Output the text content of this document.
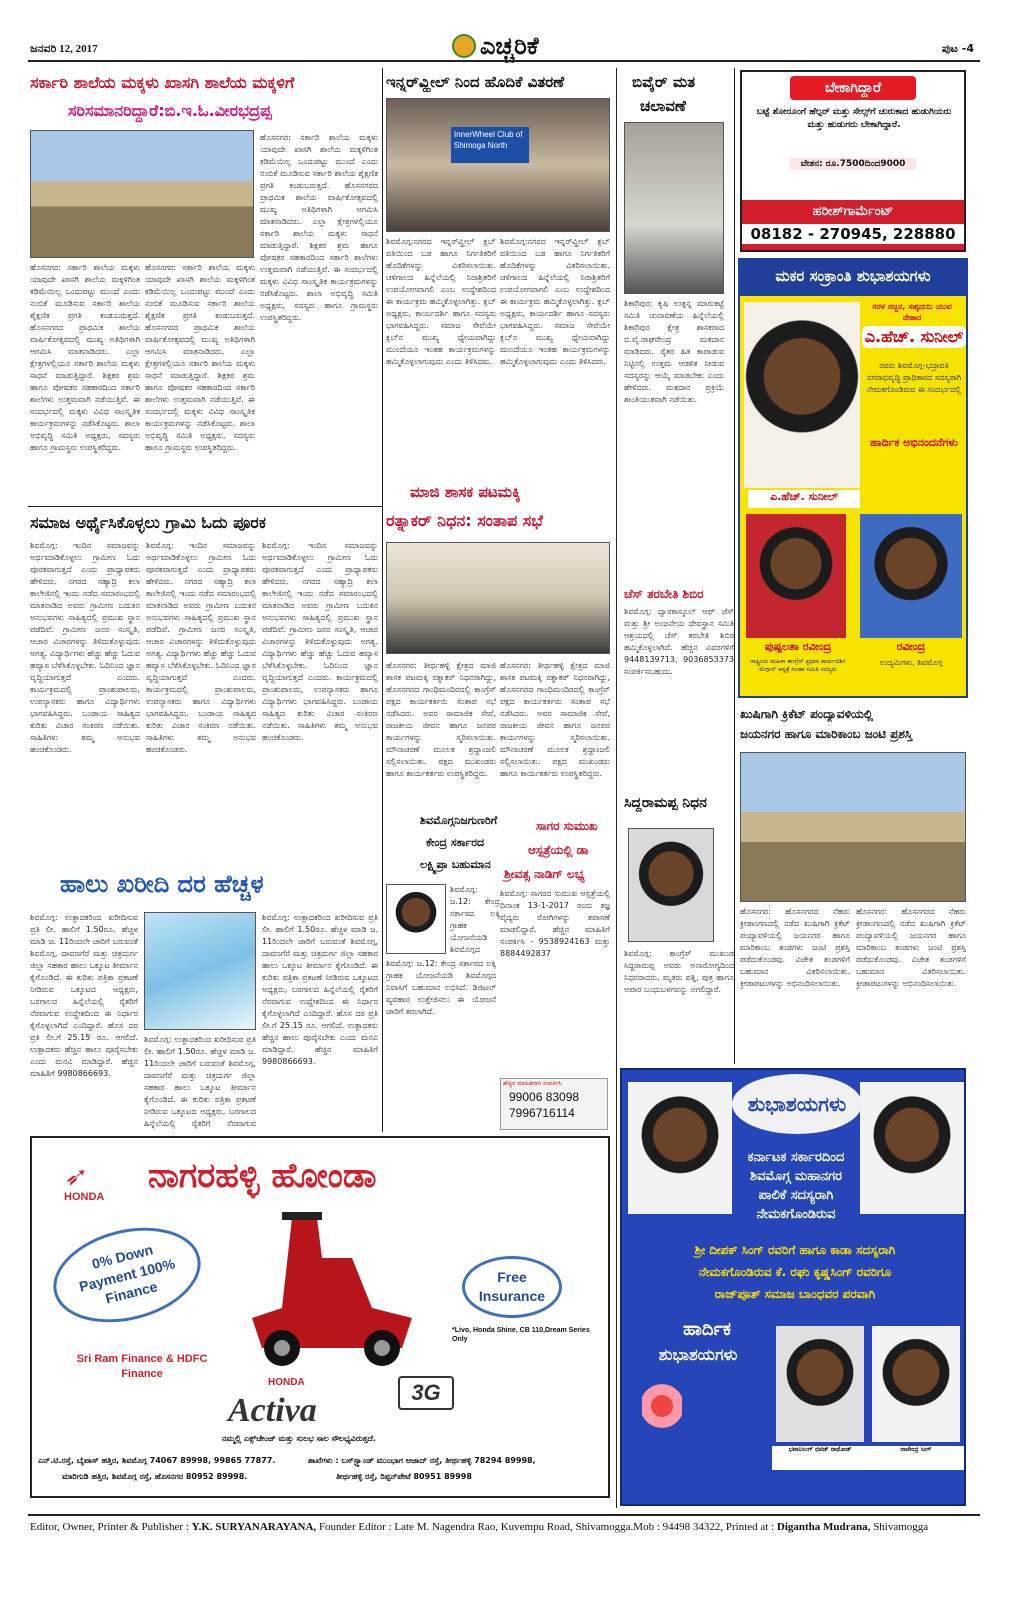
ಜನವರಿ 12, 2017	ಎಚ್ಚರಿಕೆ	ಪುಟ -4
ಸರ್ಕಾರಿ ಶಾಲೆಯ ಮಕ್ಕಳು ಖಾಸಗಿ ಶಾಲೆಯ ಮಕ್ಕಳಿಗೆ
ಸರಿಸಮಾನರಿದ್ದಾರೆ:ಬಿ.ಇ.ಓ.ವೀರಭದ್ರಪ್ಪ
ಹೊಸನಗರ: ಸರ್ಕಾರಿ ಶಾಲೆಯ ಮಕ್ಕಳು ಯಾವುದೇ ಖಾಸಗಿ ಶಾಲೆಯ ಮಕ್ಕಳಿಗಿಂತ ಕಡಿಮೆಯಿಲ್ಲ ಒಂದುಪಟ್ಟು ಮುಂದೆ ಎಂದು ನಂಬಿಕೆ ಮೂಡಿಸುವ ಸರ್ಕಾರಿ ಶಾಲೆಯ ಶೈಕ್ಷಣಿಕ ಪ್ರಗತಿ ಕಂಡುಬರುತ್ತದೆ. ಹೊಸನಗರದ ಪ್ರಾಥಮಿಕ ಶಾಲೆಯ ವಾರ್ಷಿಕೋತ್ಸವದಲ್ಲಿ ಮುಖ್ಯ ಅತಿಥಿಗಳಾಗಿ ಆಗಮಿಸಿ ಮಾತನಾಡಿದರು. ಎಲ್ಲಾ ಕ್ಷೇತ್ರಗಳಲ್ಲಿಯೂ ಸರ್ಕಾರಿ ಶಾಲೆಯ ಮಕ್ಕಳು ಸಾಧನೆ ಮಾಡುತ್ತಿದ್ದಾರೆ. ಶಿಕ್ಷಕರ ಶ್ರಮ ಹಾಗೂ ಪೋಷಕರ ಸಹಕಾರದಿಂದ ಸರ್ಕಾರಿ ಶಾಲೆಗಳು ಉತ್ತಮವಾಗಿ ನಡೆಯುತ್ತಿವೆ. ಈ ಸಂದರ್ಭದಲ್ಲಿ ಮಕ್ಕಳು ವಿವಿಧ ಸಾಂಸ್ಕೃತಿಕ ಕಾರ್ಯಕ್ರಮಗಳನ್ನು ನಡೆಸಿಕೊಟ್ಟರು. ಶಾಲಾ ಅಭಿವೃದ್ಧಿ ಸಮಿತಿ ಅಧ್ಯಕ್ಷರು, ಸದಸ್ಯರು ಹಾಗೂ ಗ್ರಾಮಸ್ಥರು ಉಪಸ್ಥಿತರಿದ್ದರು.
ಹೊಸನಗರ: ಸರ್ಕಾರಿ ಶಾಲೆಯ ಮಕ್ಕಳು ಯಾವುದೇ ಖಾಸಗಿ ಶಾಲೆಯ ಮಕ್ಕಳಿಗಿಂತ ಕಡಿಮೆಯಿಲ್ಲ ಒಂದುಪಟ್ಟು ಮುಂದೆ ಎಂದು ನಂಬಿಕೆ ಮೂಡಿಸುವ ಸರ್ಕಾರಿ ಶಾಲೆಯ ಶೈಕ್ಷಣಿಕ ಪ್ರಗತಿ ಕಂಡುಬರುತ್ತದೆ. ಹೊಸನಗರದ ಪ್ರಾಥಮಿಕ ಶಾಲೆಯ ವಾರ್ಷಿಕೋತ್ಸವದಲ್ಲಿ ಮುಖ್ಯ ಅತಿಥಿಗಳಾಗಿ ಆಗಮಿಸಿ ಮಾತನಾಡಿದರು. ಎಲ್ಲಾ ಕ್ಷೇತ್ರಗಳಲ್ಲಿಯೂ ಸರ್ಕಾರಿ ಶಾಲೆಯ ಮಕ್ಕಳು ಸಾಧನೆ ಮಾಡುತ್ತಿದ್ದಾರೆ. ಶಿಕ್ಷಕರ ಶ್ರಮ ಹಾಗೂ ಪೋಷಕರ ಸಹಕಾರದಿಂದ ಸರ್ಕಾರಿ ಶಾಲೆಗಳು ಉತ್ತಮವಾಗಿ ನಡೆಯುತ್ತಿವೆ. ಈ ಸಂದರ್ಭದಲ್ಲಿ ಮಕ್ಕಳು ವಿವಿಧ ಸಾಂಸ್ಕೃತಿಕ ಕಾರ್ಯಕ್ರಮಗಳನ್ನು ನಡೆಸಿಕೊಟ್ಟರು. ಶಾಲಾ ಅಭಿವೃದ್ಧಿ ಸಮಿತಿ ಅಧ್ಯಕ್ಷರು, ಸದಸ್ಯರು ಹಾಗೂ ಗ್ರಾಮಸ್ಥರು ಉಪಸ್ಥಿತರಿದ್ದರು.
ಹೊಸನಗರ: ಸರ್ಕಾರಿ ಶಾಲೆಯ ಮಕ್ಕಳು ಯಾವುದೇ ಖಾಸಗಿ ಶಾಲೆಯ ಮಕ್ಕಳಿಗಿಂತ ಕಡಿಮೆಯಿಲ್ಲ ಒಂದುಪಟ್ಟು ಮುಂದೆ ಎಂದು ನಂಬಿಕೆ ಮೂಡಿಸುವ ಸರ್ಕಾರಿ ಶಾಲೆಯ ಶೈಕ್ಷಣಿಕ ಪ್ರಗತಿ ಕಂಡುಬರುತ್ತದೆ. ಹೊಸನಗರದ ಪ್ರಾಥಮಿಕ ಶಾಲೆಯ ವಾರ್ಷಿಕೋತ್ಸವದಲ್ಲಿ ಮುಖ್ಯ ಅತಿಥಿಗಳಾಗಿ ಆಗಮಿಸಿ ಮಾತನಾಡಿದರು. ಎಲ್ಲಾ ಕ್ಷೇತ್ರಗಳಲ್ಲಿಯೂ ಸರ್ಕಾರಿ ಶಾಲೆಯ ಮಕ್ಕಳು ಸಾಧನೆ ಮಾಡುತ್ತಿದ್ದಾರೆ. ಶಿಕ್ಷಕರ ಶ್ರಮ ಹಾಗೂ ಪೋಷಕರ ಸಹಕಾರದಿಂದ ಸರ್ಕಾರಿ ಶಾಲೆಗಳು ಉತ್ತಮವಾಗಿ ನಡೆಯುತ್ತಿವೆ. ಈ ಸಂದರ್ಭದಲ್ಲಿ ಮಕ್ಕಳು ವಿವಿಧ ಸಾಂಸ್ಕೃತಿಕ ಕಾರ್ಯಕ್ರಮಗಳನ್ನು ನಡೆಸಿಕೊಟ್ಟರು. ಶಾಲಾ ಅಭಿವೃದ್ಧಿ ಸಮಿತಿ ಅಧ್ಯಕ್ಷರು, ಸದಸ್ಯರು ಹಾಗೂ ಗ್ರಾಮಸ್ಥರು ಉಪಸ್ಥಿತರಿದ್ದರು.
ಇನ್ನರ್‌ವ್ಹೀಲ್ ನಿಂದ ಹೊದಿಕೆ ವಿತರಣೆ
InnerWheel Club of Shimoga North
ಶಿವಮೊಗ್ಗ:ನಗರದ ಇನ್ನರ್‌ವ್ಹೀಲ್ ಕ್ಲಬ್ ವತಿಯಿಂದ ಬಡ ಹಾಗೂ ನಿರ್ಗತಿಕರಿಗೆ ಹೊದಿಕೆಗಳನ್ನು ವಿತರಿಸಲಾಯಿತು. ಚಳಿಗಾಲದ ಹಿನ್ನೆಲೆಯಲ್ಲಿ ನಿರಾಶ್ರಿತರಿಗೆ ಉಪಯೋಗವಾಗಲಿ ಎಂಬ ಉದ್ದೇಶದಿಂದ ಈ ಕಾರ್ಯಕ್ರಮ ಹಮ್ಮಿಕೊಳ್ಳಲಾಗಿತ್ತು. ಕ್ಲಬ್ ಅಧ್ಯಕ್ಷರು, ಕಾರ್ಯದರ್ಶಿ ಹಾಗೂ ಸದಸ್ಯರು ಭಾಗವಹಿಸಿದ್ದರು. ಸಮಾಜ ಸೇವೆಯೇ ಕ್ಲಬ್‌ನ ಮುಖ್ಯ ಧ್ಯೇಯವಾಗಿದ್ದು ಮುಂದೆಯೂ ಇಂತಹ ಕಾರ್ಯಕ್ರಮಗಳನ್ನು ಹಮ್ಮಿಕೊಳ್ಳಲಾಗುವುದು ಎಂದು ತಿಳಿಸಿದರು.
ಶಿವಮೊಗ್ಗ:ನಗರದ ಇನ್ನರ್‌ವ್ಹೀಲ್ ಕ್ಲಬ್ ವತಿಯಿಂದ ಬಡ ಹಾಗೂ ನಿರ್ಗತಿಕರಿಗೆ ಹೊದಿಕೆಗಳನ್ನು ವಿತರಿಸಲಾಯಿತು. ಚಳಿಗಾಲದ ಹಿನ್ನೆಲೆಯಲ್ಲಿ ನಿರಾಶ್ರಿತರಿಗೆ ಉಪಯೋಗವಾಗಲಿ ಎಂಬ ಉದ್ದೇಶದಿಂದ ಈ ಕಾರ್ಯಕ್ರಮ ಹಮ್ಮಿಕೊಳ್ಳಲಾಗಿತ್ತು. ಕ್ಲಬ್ ಅಧ್ಯಕ್ಷರು, ಕಾರ್ಯದರ್ಶಿ ಹಾಗೂ ಸದಸ್ಯರು ಭಾಗವಹಿಸಿದ್ದರು. ಸಮಾಜ ಸೇವೆಯೇ ಕ್ಲಬ್‌ನ ಮುಖ್ಯ ಧ್ಯೇಯವಾಗಿದ್ದು ಮುಂದೆಯೂ ಇಂತಹ ಕಾರ್ಯಕ್ರಮಗಳನ್ನು ಹಮ್ಮಿಕೊಳ್ಳಲಾಗುವುದು ಎಂದು ತಿಳಿಸಿದರು.
ಬಿವೈರ್ ಮತ
ಚಲಾವಣೆ
ಶಿಕಾರಿಪುರ: ಕೃಷಿ ಉತ್ಪನ್ನ ಮಾರುಕಟ್ಟೆ ಸಮಿತಿ ಚುನಾವಣೆಯ ಹಿನ್ನೆಲೆಯಲ್ಲಿ ಶಿಕಾರಿಪುರ ಕ್ಷೇತ್ರ ಶಾಸಕರಾದ ಬಿ.ವೈ.ರಾಘವೇಂದ್ರ ಮತದಾನ ಮಾಡಿದರು. ರೈತರ ಹಿತ ಕಾಪಾಡುವ ನಿಟ್ಟಿನಲ್ಲಿ ಉತ್ತಮ ಆಡಳಿತ ನೀಡುವ ಸದಸ್ಯರನ್ನು ಆಯ್ಕೆ ಮಾಡಬೇಕು ಎಂದು ಹೇಳಿದರು. ಮತದಾನ ಪ್ರಕ್ರಿಯೆ ಶಾಂತಿಯುತವಾಗಿ ನಡೆಯಿತು.
ಬೇಕಾಗಿದ್ದಾರೆ
ಬಟ್ಟೆ ಶೋರೂಂಗೆ ಹೆಲ್ಪರ್ ಮತ್ತು ಸೇಲ್ಸ್‌ಗೆ ಚುರುಕಾದ ಹುಡುಗಿಯರು ಮತ್ತು ಹುಡುಗರು ಬೇಕಾಗಿದ್ದಾರೆ.
ವೇತನ: ರೂ.7500ದಿಂದ9000
ಹರೀಶ್‌ಗಾರ್ಮೆಂಟ್
08182 - 270945, 228880
ಮಕರ ಸಂಕ್ರಾಂತಿ ಶುಭಾಶಯಗಳು
ಸರಳ ಸಜ್ಜನ, ಸಹೃದಯಿ ಯುವ ನೇತಾರ
ಎ.ಹೆಚ್. ಸುನೀಲ್
ರವರು ಶಿವಮೊಗ್ಗ-ಭದ್ರಾವತಿ ನಗರಾಭಿವೃದ್ಧಿ ಪ್ರಾಧಿಕಾರದ ಸದಸ್ಯರಾಗಿ ನೇಮಕಗೊಂಡಿರುವ ಈ ಸಂದರ್ಭದಲ್ಲಿ
ಹಾರ್ದಿಕ ಅಭಿನಂದನೆಗಳು
ಎ.ಹೆಚ್. ಸುನೀಲ್
ಪುಷ್ಪಲತಾ ರವೀಂದ್ರ
ರಾಷ್ಟ್ರೀಯ ಮಹಿಳಾ ಕಾಂಗ್ರೆಸ್ ಪ್ರಧಾನ ಕಾರ್ಯದರ್ಶಿ ಮೆಗ್ಗಾನ್ ಆಸ್ಪತ್ರೆ ಸಲಹಾ ಸಮಿತಿ ಸದಸ್ಯರು
ರವೀಂದ್ರ
ಉದ್ಯಮಿಗಳು, ಶಿವಮೊಗ್ಗ
ಸಮಾಜ ಅರ್ಥೈಸಿಕೊಳ್ಳಲು ಗ್ರಾಮಿ ಓದು ಪೂರಕ
ಶಿವಮೊಗ್ಗ: ಇಂದಿನ ಸಮಾಜವನ್ನು ಅರ್ಥಮಾಡಿಕೊಳ್ಳಲು ಗ್ರಾಮೀಣ ಓದು ಪೂರಕವಾಗುತ್ತದೆ ಎಂದು ಪ್ರಾಧ್ಯಾಪಕರು ಹೇಳಿದರು. ನಗರದ ಸಹ್ಯಾದ್ರಿ ಕಲಾ ಕಾಲೇಜಿನಲ್ಲಿ ಇಂದು ನಡೆದ ಸಮಾರಂಭದಲ್ಲಿ ಮಾತನಾಡಿದ ಅವರು ಗ್ರಾಮೀಣ ಬದುಕಿನ ಅನುಭವಗಳು ಸಾಹಿತ್ಯದಲ್ಲಿ ಪ್ರಮುಖ ಸ್ಥಾನ ಪಡೆದಿವೆ. ಗ್ರಾಮೀಣ ಜನರ ಸಂಸ್ಕೃತಿ, ಆಚಾರ ವಿಚಾರಗಳನ್ನು ತಿಳಿದುಕೊಳ್ಳುವುದು ಅಗತ್ಯ. ವಿದ್ಯಾರ್ಥಿಗಳು ಹೆಚ್ಚು ಹೆಚ್ಚು ಓದುವ ಹವ್ಯಾಸ ಬೆಳೆಸಿಕೊಳ್ಳಬೇಕು. ಓದಿನಿಂದ ಜ್ಞಾನ ವೃದ್ಧಿಯಾಗುತ್ತದೆ ಎಂದರು. ಕಾರ್ಯಕ್ರಮದಲ್ಲಿ ಪ್ರಾಂಶುಪಾಲರು, ಉಪನ್ಯಾಸಕರು ಹಾಗೂ ವಿದ್ಯಾರ್ಥಿಗಳು ಭಾಗವಹಿಸಿದ್ದರು. ಬಂಡಾಯ ಸಾಹಿತ್ಯದ ಕುರಿತು ವಿಚಾರ ಸಂಕಿರಣ ನಡೆಯಿತು. ಸಾಹಿತಿಗಳು ತಮ್ಮ ಅನುಭವ ಹಂಚಿಕೊಂಡರು.
ಶಿವಮೊಗ್ಗ: ಇಂದಿನ ಸಮಾಜವನ್ನು ಅರ್ಥಮಾಡಿಕೊಳ್ಳಲು ಗ್ರಾಮೀಣ ಓದು ಪೂರಕವಾಗುತ್ತದೆ ಎಂದು ಪ್ರಾಧ್ಯಾಪಕರು ಹೇಳಿದರು. ನಗರದ ಸಹ್ಯಾದ್ರಿ ಕಲಾ ಕಾಲೇಜಿನಲ್ಲಿ ಇಂದು ನಡೆದ ಸಮಾರಂಭದಲ್ಲಿ ಮಾತನಾಡಿದ ಅವರು ಗ್ರಾಮೀಣ ಬದುಕಿನ ಅನುಭವಗಳು ಸಾಹಿತ್ಯದಲ್ಲಿ ಪ್ರಮುಖ ಸ್ಥಾನ ಪಡೆದಿವೆ. ಗ್ರಾಮೀಣ ಜನರ ಸಂಸ್ಕೃತಿ, ಆಚಾರ ವಿಚಾರಗಳನ್ನು ತಿಳಿದುಕೊಳ್ಳುವುದು ಅಗತ್ಯ. ವಿದ್ಯಾರ್ಥಿಗಳು ಹೆಚ್ಚು ಹೆಚ್ಚು ಓದುವ ಹವ್ಯಾಸ ಬೆಳೆಸಿಕೊಳ್ಳಬೇಕು. ಓದಿನಿಂದ ಜ್ಞಾನ ವೃದ್ಧಿಯಾಗುತ್ತದೆ ಎಂದರು. ಕಾರ್ಯಕ್ರಮದಲ್ಲಿ ಪ್ರಾಂಶುಪಾಲರು, ಉಪನ್ಯಾಸಕರು ಹಾಗೂ ವಿದ್ಯಾರ್ಥಿಗಳು ಭಾಗವಹಿಸಿದ್ದರು. ಬಂಡಾಯ ಸಾಹಿತ್ಯದ ಕುರಿತು ವಿಚಾರ ಸಂಕಿರಣ ನಡೆಯಿತು. ಸಾಹಿತಿಗಳು ತಮ್ಮ ಅನುಭವ ಹಂಚಿಕೊಂಡರು.
ಶಿವಮೊಗ್ಗ: ಇಂದಿನ ಸಮಾಜವನ್ನು ಅರ್ಥಮಾಡಿಕೊಳ್ಳಲು ಗ್ರಾಮೀಣ ಓದು ಪೂರಕವಾಗುತ್ತದೆ ಎಂದು ಪ್ರಾಧ್ಯಾಪಕರು ಹೇಳಿದರು. ನಗರದ ಸಹ್ಯಾದ್ರಿ ಕಲಾ ಕಾಲೇಜಿನಲ್ಲಿ ಇಂದು ನಡೆದ ಸಮಾರಂಭದಲ್ಲಿ ಮಾತನಾಡಿದ ಅವರು ಗ್ರಾಮೀಣ ಬದುಕಿನ ಅನುಭವಗಳು ಸಾಹಿತ್ಯದಲ್ಲಿ ಪ್ರಮುಖ ಸ್ಥಾನ ಪಡೆದಿವೆ. ಗ್ರಾಮೀಣ ಜನರ ಸಂಸ್ಕೃತಿ, ಆಚಾರ ವಿಚಾರಗಳನ್ನು ತಿಳಿದುಕೊಳ್ಳುವುದು ಅಗತ್ಯ. ವಿದ್ಯಾರ್ಥಿಗಳು ಹೆಚ್ಚು ಹೆಚ್ಚು ಓದುವ ಹವ್ಯಾಸ ಬೆಳೆಸಿಕೊಳ್ಳಬೇಕು. ಓದಿನಿಂದ ಜ್ಞಾನ ವೃದ್ಧಿಯಾಗುತ್ತದೆ ಎಂದರು. ಕಾರ್ಯಕ್ರಮದಲ್ಲಿ ಪ್ರಾಂಶುಪಾಲರು, ಉಪನ್ಯಾಸಕರು ಹಾಗೂ ವಿದ್ಯಾರ್ಥಿಗಳು ಭಾಗವಹಿಸಿದ್ದರು. ಬಂಡಾಯ ಸಾಹಿತ್ಯದ ಕುರಿತು ವಿಚಾರ ಸಂಕಿರಣ ನಡೆಯಿತು. ಸಾಹಿತಿಗಳು ತಮ್ಮ ಅನುಭವ ಹಂಚಿಕೊಂಡರು.
ಮಾಜಿ ಶಾಸಕ ಪಟಮಕ್ಕಿ
ರತ್ನಾಕರ್ ನಿಧನ: ಸಂತಾಪ ಸಭೆ
ಹೊಸನಗರ: ತೀರ್ಥಹಳ್ಳಿ ಕ್ಷೇತ್ರದ ಮಾಜಿ ಶಾಸಕ ಪಟಮಕ್ಕಿ ರತ್ನಾಕರ್ ನಿಧನರಾಗಿದ್ದು, ಹೊಸನಗರದ ಗಾಂಧಿಮಂದಿರದಲ್ಲಿ ಕಾಂಗ್ರೆಸ್ ಪಕ್ಷದ ಕಾರ್ಯಕರ್ತರು ಸಂತಾಪ ಸಭೆ ನಡೆಸಿದರು. ಅವರ ಸಾಮಾಜಿಕ ಸೇವೆ, ರಾಜಕೀಯ ಜೀವನ ಹಾಗೂ ಜನಪರ ಕಾರ್ಯಗಳನ್ನು ಸ್ಮರಿಸಲಾಯಿತು. ಮೌನಾಚರಣೆ ಮೂಲಕ ಶ್ರದ್ಧಾಂಜಲಿ ಸಲ್ಲಿಸಲಾಯಿತು. ಪಕ್ಷದ ಮುಖಂಡರು ಹಾಗೂ ಕಾರ್ಯಕರ್ತರು ಉಪಸ್ಥಿತರಿದ್ದರು.
ಹೊಸನಗರ: ತೀರ್ಥಹಳ್ಳಿ ಕ್ಷೇತ್ರದ ಮಾಜಿ ಶಾಸಕ ಪಟಮಕ್ಕಿ ರತ್ನಾಕರ್ ನಿಧನರಾಗಿದ್ದು, ಹೊಸನಗರದ ಗಾಂಧಿಮಂದಿರದಲ್ಲಿ ಕಾಂಗ್ರೆಸ್ ಪಕ್ಷದ ಕಾರ್ಯಕರ್ತರು ಸಂತಾಪ ಸಭೆ ನಡೆಸಿದರು. ಅವರ ಸಾಮಾಜಿಕ ಸೇವೆ, ರಾಜಕೀಯ ಜೀವನ ಹಾಗೂ ಜನಪರ ಕಾರ್ಯಗಳನ್ನು ಸ್ಮರಿಸಲಾಯಿತು. ಮೌನಾಚರಣೆ ಮೂಲಕ ಶ್ರದ್ಧಾಂಜಲಿ ಸಲ್ಲಿಸಲಾಯಿತು. ಪಕ್ಷದ ಮುಖಂಡರು ಹಾಗೂ ಕಾರ್ಯಕರ್ತರು ಉಪಸ್ಥಿತರಿದ್ದರು.
ಚೆಸ್ ತರಬೇತಿ ಶಿಬಿರ
ಶಿವಮೊಗ್ಗ: ದ್ವಾರಕಾಸ್ಕೂಲ್ ಆಫ್ ಚೆಸ್ ಮತ್ತು ಶ್ರೀ ಅಂಜನೇಯ ದೇವಸ್ಥಾನ ಸಮಿತಿ ಆಶ್ರಯದಲ್ಲಿ ಚೆಸ್ ತರಬೇತಿ ಶಿಬಿರ ಹಮ್ಮಿಕೊಳ್ಳಲಾಗಿದೆ. ಹೆಚ್ಚಿನ ವಿವರಗಳಿಗೆ 9448139713, 9036853373 ಸಂಪರ್ಕಿಸಬಹುದು.
ಸಿದ್ದರಾಮಪ್ಪ ನಿಧನ
ಶಿವಮೊಗ್ಗ: ಕಾಂಗ್ರೆಸ್ ಮುಖಂಡ ಸಿದ್ದರಾಮಪ್ಪ ಅವರು ಅನಾರೋಗ್ಯದಿಂದ ನಿಧನರಾದರು. ಮೃತರು ಪತ್ನಿ, ಪುತ್ರ ಹಾಗೂ ಅಪಾರ ಬಂಧುಬಳಗವನ್ನು ಅಗಲಿದ್ದಾರೆ.
ಖುಷಿಗಾಗಿ ಕ್ರಿಕೆಟ್ ಪಂದ್ಯಾವಳಿಯಲ್ಲಿ
ಜಯನಗರ ಹಾಗೂ ಮಾರಿಕಾಂಬ ಜಂಟಿ ಪ್ರಶಸ್ತಿ
ಹೊಸನಗರ: ಹೊಸನಗರದ ನೆಹರು ಕ್ರೀಡಾಂಗಣದಲ್ಲಿ ನಡೆದ ಖುಷಿಗಾಗಿ ಕ್ರಿಕೆಟ್ ಪಂದ್ಯಾವಳಿಯಲ್ಲಿ ಜಯನಗರ ಹಾಗೂ ಮಾರಿಕಾಂಬ ತಂಡಗಳು ಜಂಟಿ ಪ್ರಶಸ್ತಿ ಪಡೆದುಕೊಂಡವು. ವಿಜೇತ ತಂಡಗಳಿಗೆ ಬಹುಮಾನ ವಿತರಿಸಲಾಯಿತು. ಕ್ರೀಡಾಪಟುಗಳನ್ನು ಅಭಿನಂದಿಸಲಾಯಿತು.
ಹೊಸನಗರ: ಹೊಸನಗರದ ನೆಹರು ಕ್ರೀಡಾಂಗಣದಲ್ಲಿ ನಡೆದ ಖುಷಿಗಾಗಿ ಕ್ರಿಕೆಟ್ ಪಂದ್ಯಾವಳಿಯಲ್ಲಿ ಜಯನಗರ ಹಾಗೂ ಮಾರಿಕಾಂಬ ತಂಡಗಳು ಜಂಟಿ ಪ್ರಶಸ್ತಿ ಪಡೆದುಕೊಂಡವು. ವಿಜೇತ ತಂಡಗಳಿಗೆ ಬಹುಮಾನ ವಿತರಿಸಲಾಯಿತು. ಕ್ರೀಡಾಪಟುಗಳನ್ನು ಅಭಿನಂದಿಸಲಾಯಿತು.
ಹಾಲು ಖರೀದಿ ದರ ಹೆಚ್ಚಳ
ಶಿವಮೊಗ್ಗ: ಉತ್ಪಾದಕರಿಂದ ಖರೀದಿಸುವ ಪ್ರತಿ ಲೀ. ಹಾಲಿಗೆ 1.50ರೂ. ಹೆಚ್ಚಳ ಮಾಡಿ ಜ. 11ರಿಂದಲೇ ಜಾರಿಗೆ ಬರುವಂತೆ ಶಿವಮೊಗ್ಗ, ದಾವಣಗೆರೆ ಮತ್ತು ಚಿತ್ರದುರ್ಗ ಜಿಲ್ಲಾ ಸಹಕಾರ ಹಾಲು ಒಕ್ಕೂಟ ತೀರ್ಮಾನ ಕೈಗೊಂಡಿದೆ. ಈ ಕುರಿತು ಪತ್ರಿಕಾ ಪ್ರಕಟಣೆ ನೀಡಿರುವ ಒಕ್ಕೂಟದ ಅಧ್ಯಕ್ಷರು, ಬರಗಾಲದ ಹಿನ್ನೆಲೆಯಲ್ಲಿ ರೈತರಿಗೆ ನೆರವಾಗುವ ಉದ್ದೇಶದಿಂದ ಈ ನಿರ್ಧಾರ ಕೈಗೊಳ್ಳಲಾಗಿದೆ ಎಂದಿದ್ದಾರೆ. ಹೊಸ ದರ ಪ್ರತಿ ಲೀ.ಗೆ 25.15 ರೂ. ಆಗಲಿದೆ. ಉತ್ಪಾದಕರು ಹೆಚ್ಚಿನ ಹಾಲು ಪೂರೈಸಬೇಕು ಎಂದು ಮನವಿ ಮಾಡಿದ್ದಾರೆ. ಹೆಚ್ಚಿನ ಮಾಹಿತಿಗೆ 9980866693.
ಶಿವಮೊಗ್ಗ: ಉತ್ಪಾದಕರಿಂದ ಖರೀದಿಸುವ ಪ್ರತಿ ಲೀ. ಹಾಲಿಗೆ 1.50ರೂ. ಹೆಚ್ಚಳ ಮಾಡಿ ಜ. 11ರಿಂದಲೇ ಜಾರಿಗೆ ಬರುವಂತೆ ಶಿವಮೊಗ್ಗ, ದಾವಣಗೆರೆ ಮತ್ತು ಚಿತ್ರದುರ್ಗ ಜಿಲ್ಲಾ ಸಹಕಾರ ಹಾಲು ಒಕ್ಕೂಟ ತೀರ್ಮಾನ ಕೈಗೊಂಡಿದೆ. ಈ ಕುರಿತು ಪತ್ರಿಕಾ ಪ್ರಕಟಣೆ ನೀಡಿರುವ ಒಕ್ಕೂಟದ ಅಧ್ಯಕ್ಷರು, ಬರಗಾಲದ ಹಿನ್ನೆಲೆಯಲ್ಲಿ ರೈತರಿಗೆ ನೆರವಾಗುವ
ಶಿವಮೊಗ್ಗ: ಉತ್ಪಾದಕರಿಂದ ಖರೀದಿಸುವ ಪ್ರತಿ ಲೀ. ಹಾಲಿಗೆ 1.50ರೂ. ಹೆಚ್ಚಳ ಮಾಡಿ ಜ. 11ರಿಂದಲೇ ಜಾರಿಗೆ ಬರುವಂತೆ ಶಿವಮೊಗ್ಗ, ದಾವಣಗೆರೆ ಮತ್ತು ಚಿತ್ರದುರ್ಗ ಜಿಲ್ಲಾ ಸಹಕಾರ ಹಾಲು ಒಕ್ಕೂಟ ತೀರ್ಮಾನ ಕೈಗೊಂಡಿದೆ. ಈ ಕುರಿತು ಪತ್ರಿಕಾ ಪ್ರಕಟಣೆ ನೀಡಿರುವ ಒಕ್ಕೂಟದ ಅಧ್ಯಕ್ಷರು, ಬರಗಾಲದ ಹಿನ್ನೆಲೆಯಲ್ಲಿ ರೈತರಿಗೆ ನೆರವಾಗುವ ಉದ್ದೇಶದಿಂದ ಈ ನಿರ್ಧಾರ ಕೈಗೊಳ್ಳಲಾಗಿದೆ ಎಂದಿದ್ದಾರೆ. ಹೊಸ ದರ ಪ್ರತಿ ಲೀ.ಗೆ 25.15 ರೂ. ಆಗಲಿದೆ. ಉತ್ಪಾದಕರು ಹೆಚ್ಚಿನ ಹಾಲು ಪೂರೈಸಬೇಕು ಎಂದು ಮನವಿ ಮಾಡಿದ್ದಾರೆ. ಹೆಚ್ಚಿನ ಮಾಹಿತಿಗೆ 9980866693.
ಶಿವಮೊಗ್ಗನಿಜಗುಣರಿಗೆ
ಕೇಂದ್ರ ಸರ್ಕಾರದ
ಲಕ್ಷ್ಮಿಪ್ರಾ ಬಹುಮಾನ
ಶಿವಮೊಗ್ಗ: ಜ.12: ಕೇಂದ್ರ ಸರ್ಕಾರದ ಲಕ್ಕಿ ಗ್ರಾಹಕ ಯೋಜನೆಯಡಿ ಶಿವಮೊಗ್ಗದ
ಶಿವಮೊಗ್ಗ: ಜ.12: ಕೇಂದ್ರ ಸರ್ಕಾರದ ಲಕ್ಕಿ ಗ್ರಾಹಕ ಯೋಜನೆಯಡಿ ಶಿವಮೊಗ್ಗದ ನಿವಾಸಿಗೆ ಬಹುಮಾನ ಲಭಿಸಿದೆ. ಡಿಜಿಟಲ್ ವ್ಯವಹಾರ ಉತ್ತೇಜಿಸಲು ಈ ಯೋಜನೆ ಜಾರಿಗೆ ತರಲಾಗಿದೆ.
ಸಾಗರ ಸುಮುಖ
ಆಸ್ಪತ್ರೆಯಲ್ಲಿ ಡಾ
ಶ್ರೀವತ್ಸ ನಾಡಿಗ್ ಲಭ್ಯ
ಶಿವಮೊಗ್ಗ: ಸಾಗರದ ಸುಮುಖ ಆಸ್ಪತ್ರೆಯಲ್ಲಿ ದಿನಾಂಕ 13-1-2017 ರಂದು ತಜ್ಞ ವೈದ್ಯರು ರೋಗಿಗಳನ್ನು ತಪಾಸಣೆ ಮಾಡಲಿದ್ದಾರೆ. ಹೆಚ್ಚಿನ ಮಾಹಿತಿಗೆ ಸಂಪರ್ಕಿಸಿ - 9538924163 ಮತ್ತು 8884492837
ಹೆಚ್ಚಿನ ಮಾಹಿತಿಗಾಗಿ ಸಂಪರ್ಕಿಸಿ
99006 83098
7996716114
➶
HONDA
ನಾಗರಹಳ್ಳಿ ಹೋಂಡಾ
0% Down Payment 100% Finance
Sri Ram Finance & HDFC Finance
Free Insurance
*Livo, Honda Shine, CB 110,Dream Series Only
HONDA
Activa	3G
ನಮ್ಮಲ್ಲಿ ಎಕ್ಸ್‌ಚೇಂಜ್ ಮತ್ತು ಸುಲಭ ಸಾಲ ಸೌಲಭ್ಯವಿರುತ್ತದೆ.
ಎನ್.ಟಿ.ರಸ್ತೆ, ಬೈಪಾಸ್ ಹತ್ತಿರ, ಶಿವಮೊಗ್ಗ 74067 89998, 99865 77877.	ಶಾಖೆಗಳು : ಬಸ್‌ಸ್ಟ್ಯಾಂಡ್ ಮುಂಭಾಗ ಆಜಾದ್ ರಸ್ತೆ, ತೀರ್ಥಹಳ್ಳಿ 78294 89998,
ಮಾರಿಗುಡಿ ಹತ್ತಿರ, ಶಿವಮೊಗ್ಗ ರಸ್ತೆ, ಹೊಸನಗರ 80952 89998.	ತೀರ್ಥಹಳ್ಳಿ ರಸ್ತೆ, ರಿಪ್ಪನ್‌ಪೇಟೆ 80951 89998
ಶುಭಾಶಯಗಳು
ಕರ್ನಾಟಕ ಸರ್ಕಾರದಿಂದ
ಶಿವಮೊಗ್ಗ ಮಹಾನಗರ
ಪಾಲಿಕೆ ಸದಸ್ಯರಾಗಿ
ನೇಮಕಗೊಂಡಿರುವ
ಶ್ರೀ ದೀಪಕ್ ಸಿಂಗ್ ರವರಿಗೆ ಹಾಗೂ ಕಾಡಾ ಸದಸ್ಯರಾಗಿ
ನೇಮಕಗೊಂಡಿರುವ ಕೆ. ರಘು ಕೃಷ್ಣಸಿಂಗ್ ರವರಿಗೂ
ರಾಜ್‌ಪೂತ್ ಸಮಾಜ ಬಾಂಧವರ ಪರವಾಗಿ
ಹಾರ್ದಿಕ
ಶುಭಾಶಯಗಳು
ಭವಾನಿಸಿಂಗ್ ಧವಡ್ ರಾಥೋಡ್	ರಾಜೇಂದ್ರ ಸಿಂಗ್
Editor, Owner, Printer & Publisher : Y.K. SURYANARAYANA, Founder Editor : Late M. Nagendra Rao, Kuvempu Road, Shivamogga.Mob : 94498 34322, Printed at : Digantha Mudrana, Shivamogga
